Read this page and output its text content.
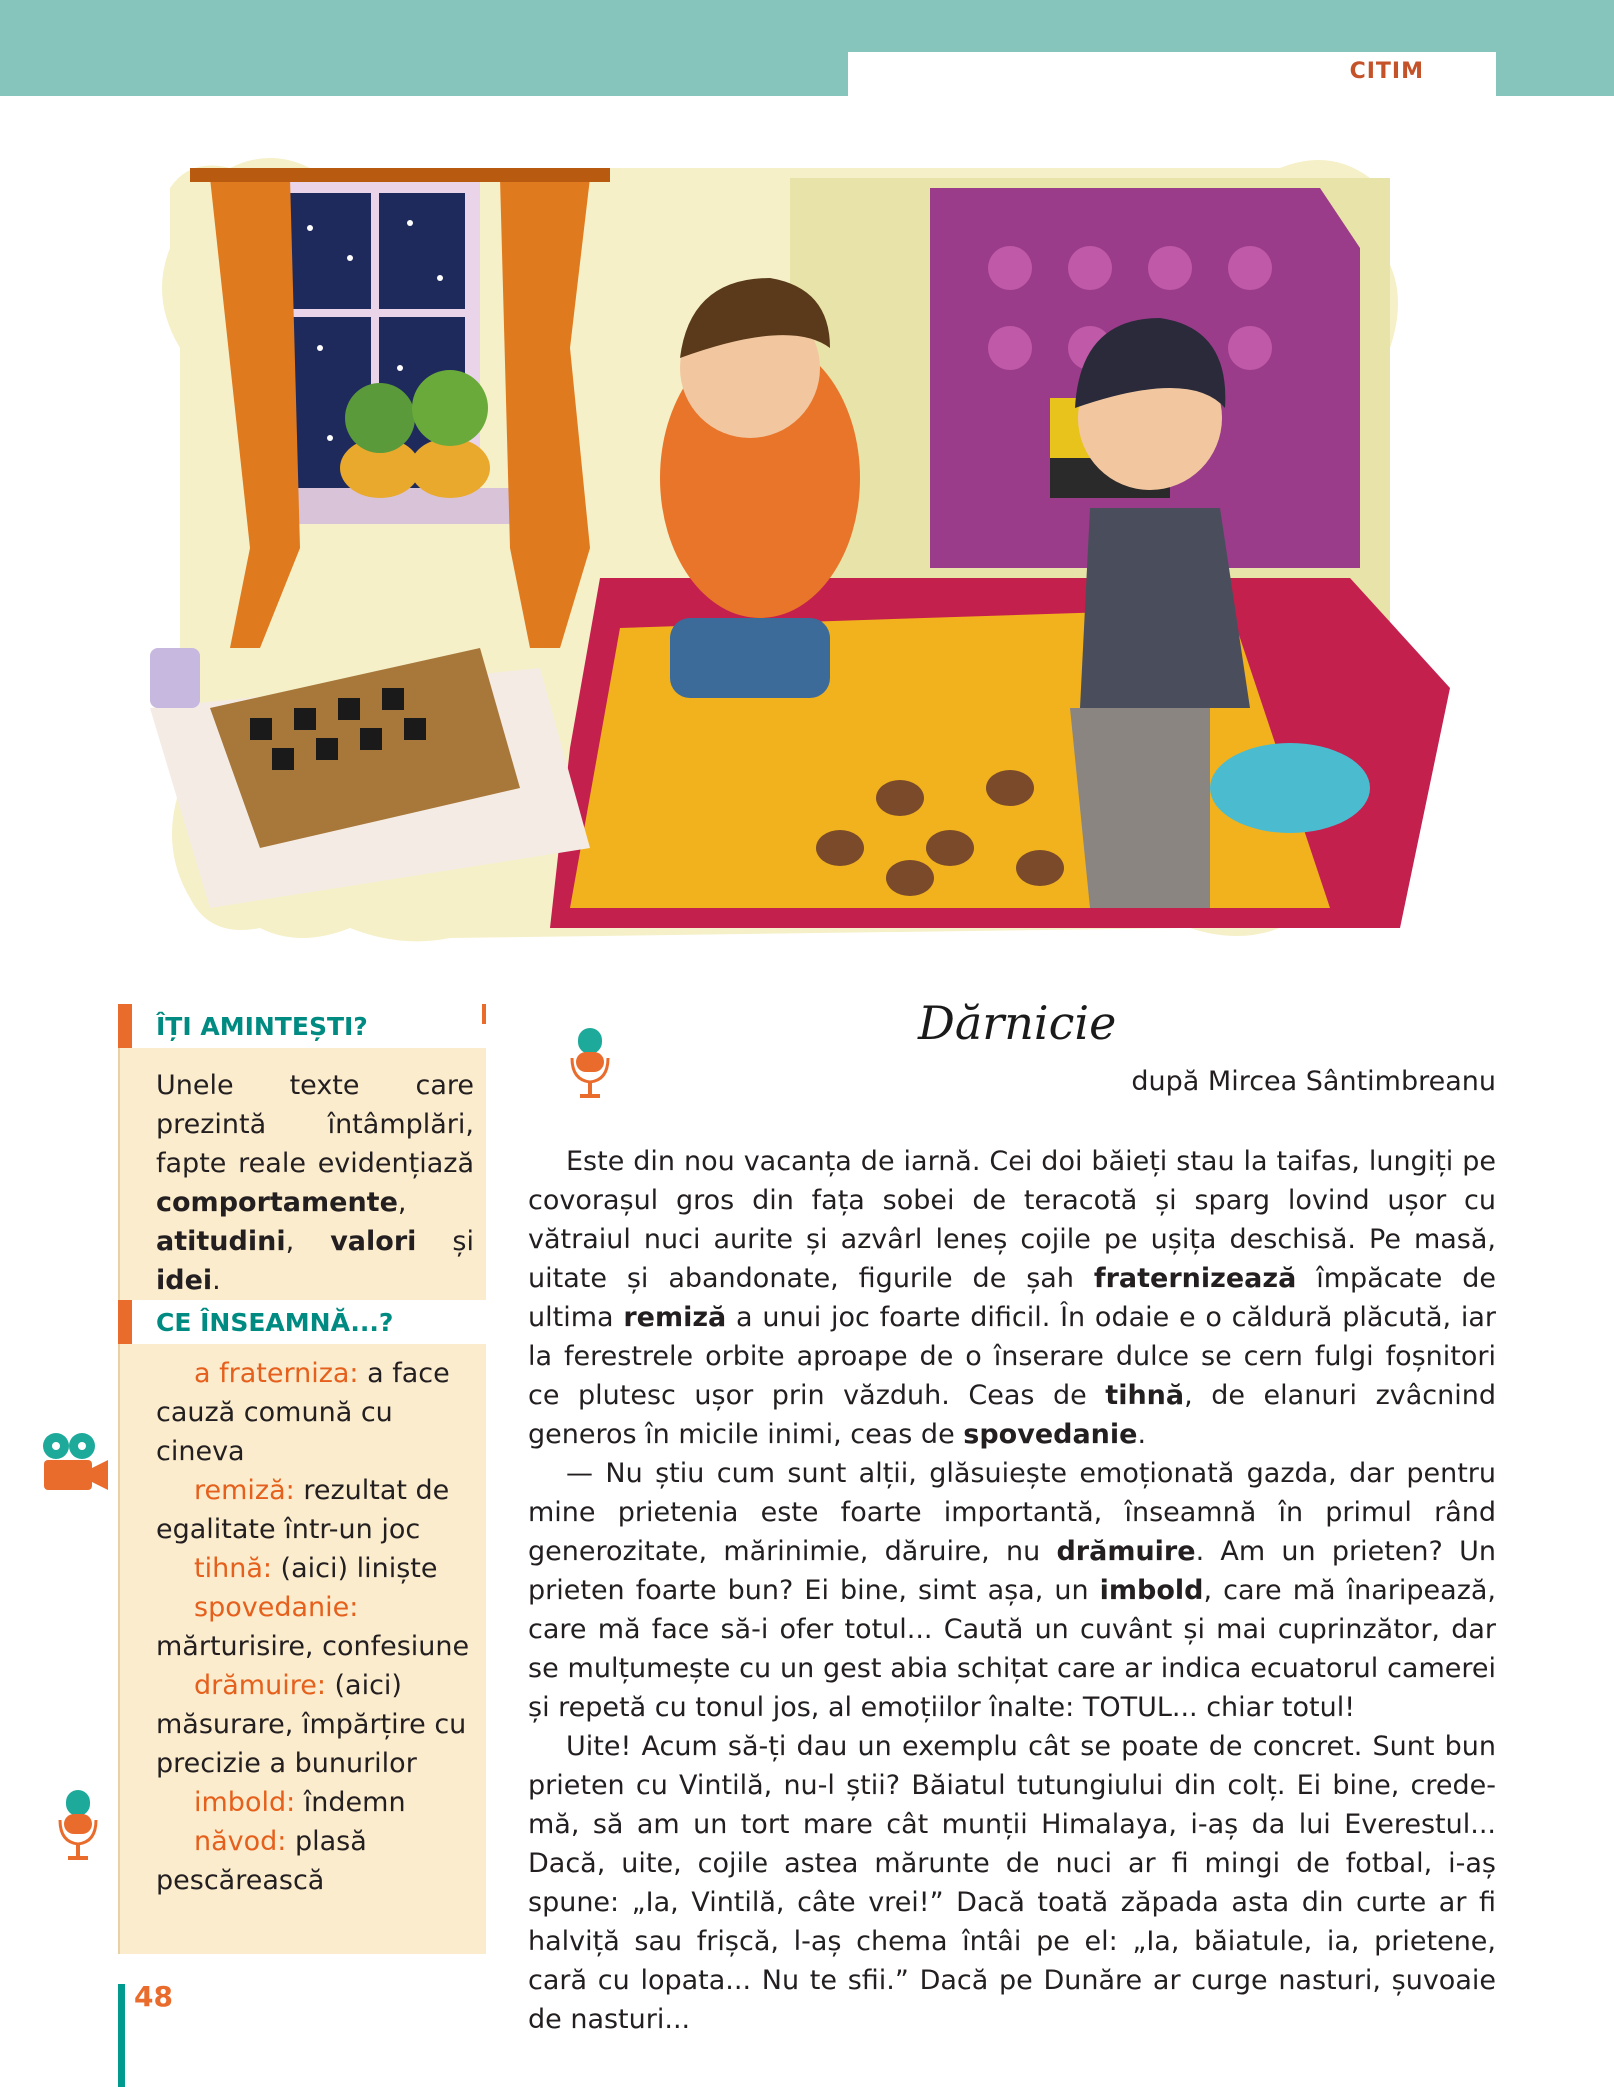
CITIM
ÎȚI AMINTEȘTI?
Unele texte care prezintă întâmplări, fapte reale evidențiază comportamente, atitudini, valori și idei.
CE ÎNSEAMNĂ...?

a fraterniza: a face cauză comună cu cineva

remiză: rezultat de egalitate într-un joc

tihnă: (aici) liniște

spovedanie: mărturisire, confesiune

drămuire: (aici) măsurare, împărțire cu precizie a bunurilor

imbold: îndemn

năvod: plasă pescărească

Dărnicie
după Mircea Sântimbreanu

Este din nou vacanța de iarnă. Cei doi băieți stau la taifas, lungiți pe covorașul gros din fața sobei de teracotă și sparg lovind ușor cu vătraiul nuci aurite și azvârl leneș cojile pe ușița deschisă. Pe masă, uitate și abandonate, figurile de șah fraternizează împăcate de ultima remiză a unui joc foarte dificil. În odaie e o căldură plăcută, iar la ferestrele orbite aproape de o înserare dulce se cern fulgi foșnitori ce plutesc ușor prin văzduh. Ceas de tihnă, de elanuri zvâcnind generos în micile inimi, ceas de spovedanie.

— Nu știu cum sunt alții, glăsuiește emoționată gazda, dar pentru mine prietenia este foarte importantă, înseamnă în primul rând generozitate, mărinimie, dăruire, nu drămuire. Am un prieten? Un prieten foarte bun? Ei bine, simt așa, un imbold, care mă înaripează, care mă face să-i ofer totul... Caută un cuvânt și mai cuprinzător, dar se mulțumește cu un gest abia schițat care ar indica ecuatorul camerei și repetă cu tonul jos, al emoțiilor înalte: TOTUL... chiar totul!

Uite! Acum să-ți dau un exemplu cât se poate de concret. Sunt bun prieten cu Vintilă, nu-l știi? Băiatul tutungiului din colț. Ei bine, crede-mă, să am un tort mare cât munții Himalaya, i-aș da lui Everestul... Dacă, uite, cojile astea mărunte de nuci ar fi mingi de fotbal, i-aș spune: „Ia, Vintilă, câte vrei!” Dacă toată zăpada asta din curte ar fi halviță sau frișcă, l-aș chema întâi pe el: „Ia, băiatule, ia, prietene, cară cu lopata... Nu te sfii.” Dacă pe Dunăre ar curge nasturi, șuvoaie de nasturi...

48
